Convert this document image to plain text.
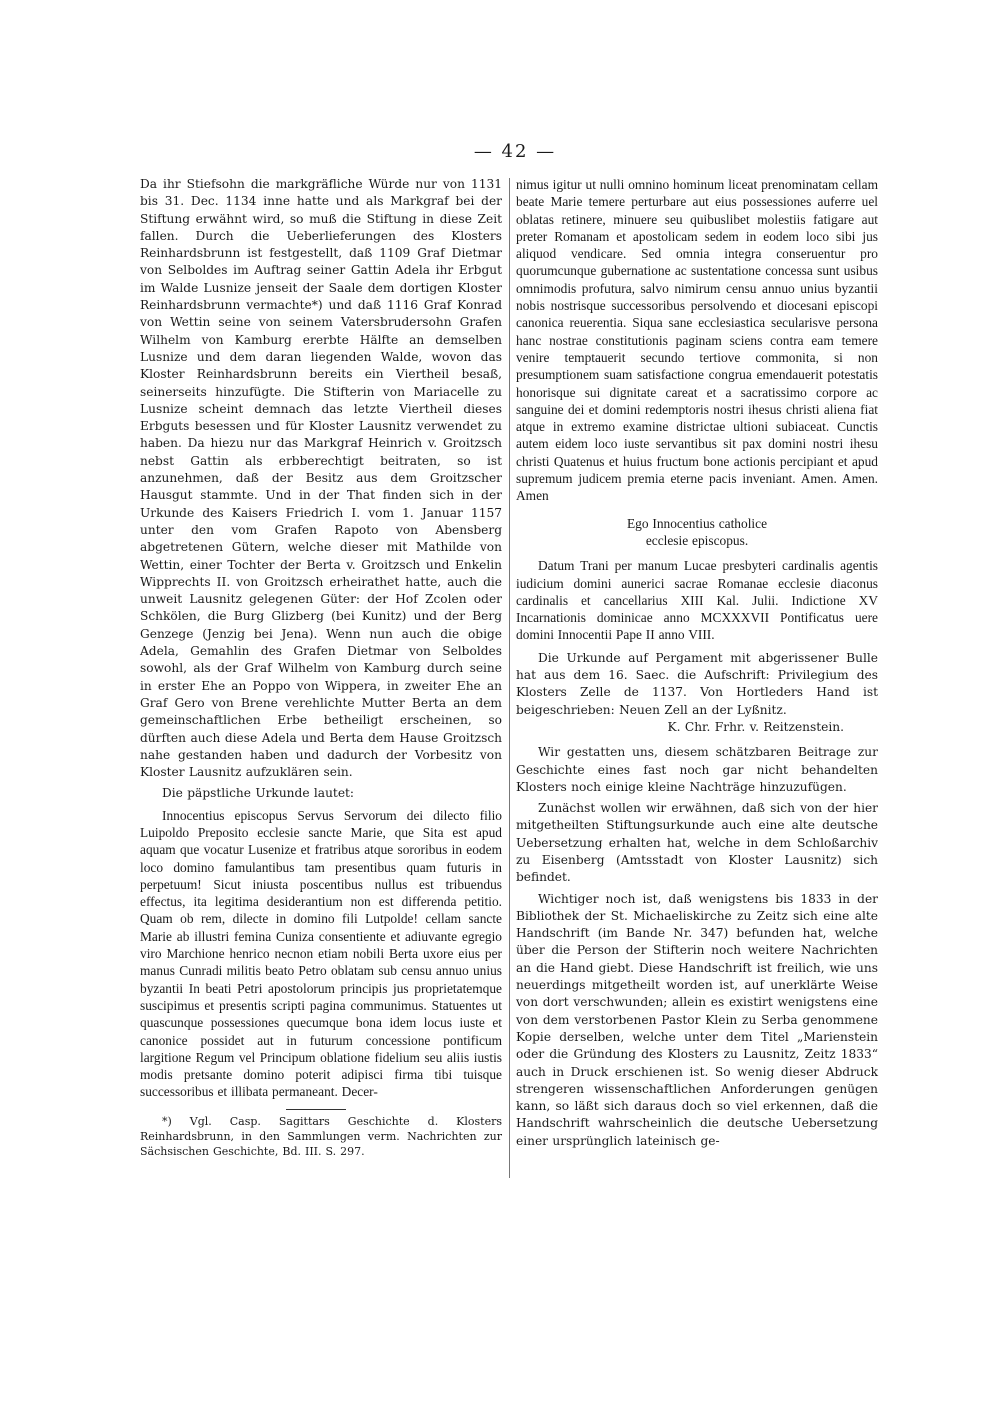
— 42 —

Da ihr Stiefsohn die markgräfliche Würde nur von 1131 bis 31. Dec. 1134 inne hatte und als Markgraf bei der Stiftung erwähnt wird, so muß die Stiftung in diese Zeit fallen. Durch die Ueberlieferungen des Klosters Reinhardsbrunn ist festgestellt, daß 1109 Graf Dietmar von Selboldes im Auftrag seiner Gattin Adela ihr Erbgut im Walde Lusnize jenseit der Saale dem dortigen Kloster Reinhardsbrunn vermachte*) und daß 1116 Graf Konrad von Wettin seine von seinem Vatersbrudersohn Grafen Wilhelm von Kamburg ererbte Hälfte an demselben Lusnize und dem daran liegenden Walde, wovon das Kloster Reinhardsbrunn bereits ein Viertheil besaß, seinerseits hinzufügte. Die Stifterin von Mariacelle zu Lusnize scheint demnach das letzte Viertheil dieses Erbguts besessen und für Kloster Lausnitz verwendet zu haben. Da hiezu nur das Markgraf Heinrich v. Groitzsch nebst Gattin als erbberechtigt beitraten, so ist anzunehmen, daß der Besitz aus dem Groitzscher Hausgut stammte. Und in der That finden sich in der Urkunde des Kaisers Friedrich I. vom 1. Januar 1157 unter den vom Grafen Rapoto von Abensberg abgetretenen Gütern, welche dieser mit Mathilde von Wettin, einer Tochter der Berta v. Groitzsch und Enkelin Wipprechts II. von Groitzsch erheirathet hatte, auch die unweit Lausnitz gelegenen Güter: der Hof Zcolen oder Schkölen, die Burg Glizberg (bei Kunitz) und der Berg Genzege (Jenzig bei Jena). Wenn nun auch die obige Adela, Gemahlin des Grafen Dietmar von Selboldes sowohl, als der Graf Wilhelm von Kamburg durch seine in erster Ehe an Poppo von Wippera, in zweiter Ehe an Graf Gero von Brene verehlichte Mutter Berta an dem gemeinschaftlichen Erbe betheiligt erscheinen, so dürften auch diese Adela und Berta dem Hause Groitzsch nahe gestanden haben und dadurch der Vorbesitz von Kloster Lausnitz aufzuklären sein.

Die päpstliche Urkunde lautet:

Innocentius episcopus Servus Servorum dei dilecto filio Luipoldo Preposito ecclesie sancte Marie, que Sita est apud aquam que vocatur Lusenize et fratribus atque sororibus in eodem loco domino famulantibus tam presentibus quam futuris in perpetuum! Sicut iniusta poscentibus nullus est tribuendus effectus, ita legitima desiderantium non est differenda petitio. Quam ob rem, dilecte in domino fili Lutpolde! cellam sancte Marie ab illustri femina Cuniza consentiente et adiuvante egregio viro Marchione henrico necnon etiam nobili Berta uxore eius per manus Cunradi militis beato Petro oblatam sub censu annuo unius byzantii In beati Petri apostolorum principis jus proprietatemque suscipimus et presentis scripti pagina communimus. Statuentes ut quascunque possessiones quecumque bona idem locus iuste et canonice possidet aut in futurum concessione pontificum largitione Regum vel Principum oblatione fidelium seu aliis iustis modis pretsante domino poterit adipisci firma tibi tuisque successoribus et illibata permaneant. Decer-

*) Vgl. Casp. Sagittars Geschichte d. Klosters Reinhardsbrunn, in den Sammlungen verm. Nachrichten zur Sächsischen Geschichte, Bd. III. S. 297.

nimus igitur ut nulli omnino hominum liceat prenominatam cellam beate Marie temere perturbare aut eius possessiones auferre uel oblatas retinere, minuere seu quibuslibet molestiis fatigare aut preter Romanam et apostolicam sedem in eodem loco sibi jus aliquod vendicare. Sed omnia integra conseruentur pro quorumcunque gubernatione ac sustentatione concessa sunt usibus omnimodis profutura, salvo nimirum censu annuo unius byzantii nobis nostrisque successoribus persolvendo et diocesani episcopi canonica reuerentia. Siqua sane ecclesiastica secularisve persona hanc nostrae constitutionis paginam sciens contra eam temere venire temptauerit secundo tertiove commonita, si non presumptionem suam satisfactione congrua emendauerit potestatis honorisque sui dignitate careat et a sacratissimo corpore ac sanguine dei et domini redemptoris nostri ihesus christi aliena fiat atque in extremo examine districtae ultioni subiaceat. Cunctis autem eidem loco iuste servantibus sit pax domini nostri ihesu christi Quatenus et huius fructum bone actionis percipiant et apud supremum judicem premia eterne pacis inveniant. Amen. Amen. Amen

Ego Innocentius catholice

ecclesie episcopus.

Datum Trani per manum Lucae presbyteri cardinalis agentis iudicium domini aunerici sacrae Romanae ecclesie diaconus cardinalis et cancellarius XIII Kal. Julii. Indictione XV Incarnationis dominicae anno MCXXXVII Pontificatus uere domini Innocentii Pape II anno VIII.

Die Urkunde auf Pergament mit abgerissener Bulle hat aus dem 16. Saec. die Aufschrift: Privilegium des Klosters Zelle de 1137. Von Hortleders Hand ist beigeschrieben: Neuen Zell an der Lyßnitz.

K. Chr. Frhr. v. Reitzenstein.

Wir gestatten uns, diesem schätzbaren Beitrage zur Geschichte eines fast noch gar nicht behandelten Klosters noch einige kleine Nachträge hinzuzufügen.

Zunächst wollen wir erwähnen, daß sich von der hier mitgetheilten Stiftungsurkunde auch eine alte deutsche Uebersetzung erhalten hat, welche in dem Schloßarchiv zu Eisenberg (Amtsstadt von Kloster Lausnitz) sich befindet.

Wichtiger noch ist, daß wenigstens bis 1833 in der Bibliothek der St. Michaeliskirche zu Zeitz sich eine alte Handschrift (im Bande Nr. 347) befunden hat, welche über die Person der Stifterin noch weitere Nachrichten an die Hand giebt. Diese Handschrift ist freilich, wie uns neuerdings mitgetheilt worden ist, auf unerklärte Weise von dort verschwunden; allein es existirt wenigstens eine von dem verstorbenen Pastor Klein zu Serba genommene Kopie derselben, welche unter dem Titel „Marienstein oder die Gründung des Klosters zu Lausnitz, Zeitz 1833“ auch in Druck erschienen ist. So wenig dieser Abdruck strengeren wissenschaftlichen Anforderungen genügen kann, so läßt sich daraus doch so viel erkennen, daß die Handschrift wahrscheinlich die deutsche Uebersetzung einer ursprünglich lateinisch ge-
